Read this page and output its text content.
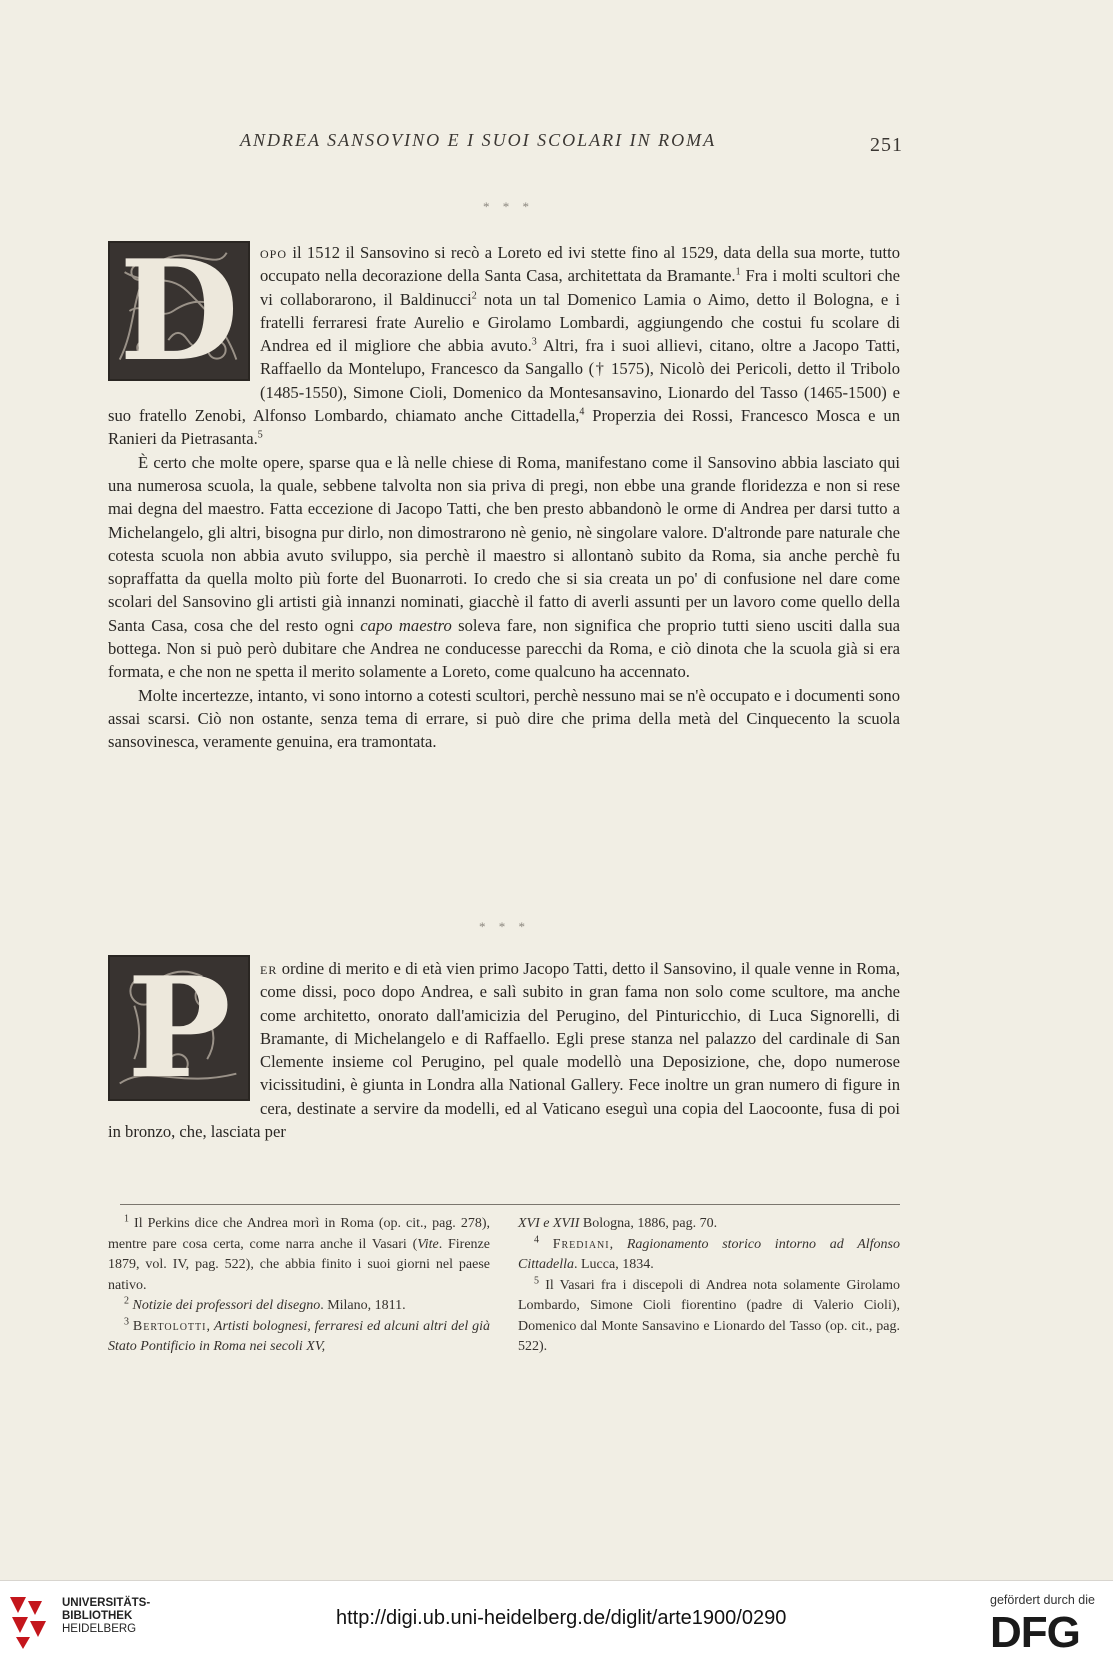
ANDREA SANSOVINO E I SUOI SCOLARI IN ROMA	251
* * *
D	opo il 1512 il Sansovino si recò a Loreto ed ivi stette fino al 1529, data della sua morte, tutto occupato nella decorazione della Santa Casa, architettata da Bramante.$^1$ Fra i molti scultori che vi collaborarono, il Baldinucci$^2$ nota un tal Domenico Lamia o Aimo, detto il Bologna, e i fratelli ferraresi frate Aurelio e Girolamo Lombardi, aggiungendo che costui fu scolare di Andrea ed il migliore che abbia avuto.$^3$ Altri, fra i suoi allievi, citano, oltre a Jacopo Tatti, Raffaello da Montelupo, Francesco da Sangallo († 1575), Nicolò dei Pericoli, detto il Tribolo (1485-1550), Simone Cioli, Domenico da Montesansavino, Lionardo del Tasso (1465-1500) e suo fratello Zenobi, Alfonso Lombardo, chiamato anche Cittadella,$^4$ Properzia dei Rossi, Francesco Mosca e un Ranieri da Pietrasanta.$^5$

È certo che molte opere, sparse qua e là nelle chiese di Roma, manifestano come il Sansovino abbia lasciato qui una numerosa scuola, la quale, sebbene talvolta non sia priva di pregi, non ebbe una grande floridezza e non si rese mai degna del maestro. Fatta eccezione di Jacopo Tatti, che ben presto abbandonò le orme di Andrea per darsi tutto a Michelangelo, gli altri, bisogna pur dirlo, non dimostrarono nè genio, nè singolare valore. D'altronde pare naturale che cotesta scuola non abbia avuto sviluppo, sia perchè il maestro si allontanò subito da Roma, sia anche perchè fu sopraffatta da quella molto più forte del Buonarroti. Io credo che si sia creata un po' di confusione nel dare come scolari del Sansovino gli artisti già innanzi nominati, giacchè il fatto di averli assunti per un lavoro come quello della Santa Casa, cosa che del resto ogni capo maestro soleva fare, non significa che proprio tutti sieno usciti dalla sua bottega. Non si può però dubitare che Andrea ne conducesse parecchi da Roma, e ciò dinota che la scuola già si era formata, e che non ne spetta il merito solamente a Loreto, come qualcuno ha accennato.

Molte incertezze, intanto, vi sono intorno a cotesti scultori, perchè nessuno mai se n'è occupato e i documenti sono assai scarsi. Ciò non ostante, senza tema di errare, si può dire che prima della metà del Cinquecento la scuola sansovinesca, veramente genuina, era tramontata.

* * *
P	er ordine di merito e di età vien primo Jacopo Tatti, detto il Sansovino, il quale venne in Roma, come dissi, poco dopo Andrea, e salì subito in gran fama non solo come scultore, ma anche come architetto, onorato dall'amicizia del Perugino, del Pinturicchio, di Luca Signorelli, di Bramante, di Michelangelo e di Raffaello. Egli prese stanza nel palazzo del cardinale di San Clemente insieme col Perugino, pel quale modellò una Deposizione, che, dopo numerose vicissitudini, è giunta in Londra alla National Gallery. Fece inoltre un gran numero di figure in cera, destinate a servire da modelli, ed al Vaticano eseguì una copia del Laocoonte, fusa di poi in bronzo, che, lasciata per

$^1$ Il Perkins dice che Andrea morì in Roma (op. cit., pag. 278), mentre pare cosa certa, come narra anche il Vasari (Vite. Firenze 1879, vol. IV, pag. 522), che abbia finito i suoi giorni nel paese nativo.

$^2$ Notizie dei professori del disegno. Milano, 1811.

$^3$ Bertolotti, Artisti bolognesi, ferraresi ed alcuni altri del già Stato Pontificio in Roma nei secoli XV,

XVI e XVII Bologna, 1886, pag. 70.

$^4$ Frediani, Ragionamento storico intorno ad Alfonso Cittadella. Lucca, 1834.

$^5$ Il Vasari fra i discepoli di Andrea nota solamente Girolamo Lombardo, Simone Cioli fiorentino (padre di Valerio Cioli), Domenico dal Monte Sansavino e Lionardo del Tasso (op. cit., pag. 522).

UNIVERSITÄTS-
BIBLIOTHEK
HEIDELBERG	http://digi.ub.uni-heidelberg.de/diglit/arte1900/0290
gefördert durch die
DFG
